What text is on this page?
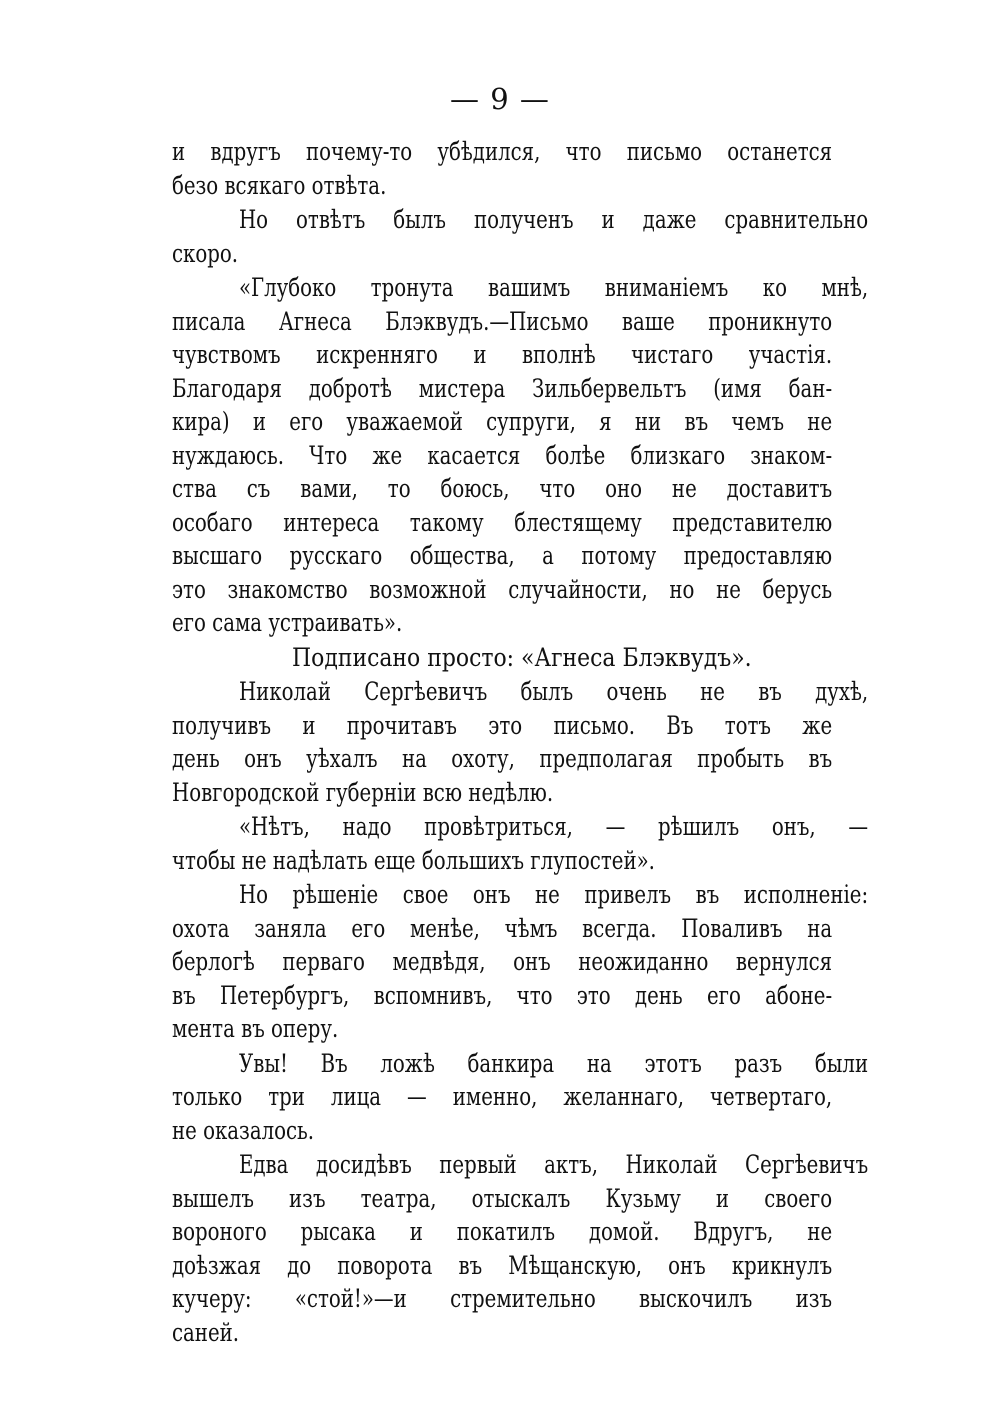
— 9 —
и вдругъ почему-то убѣдился, что письмо останется
безо всякаго отвѣта.
Но отвѣтъ былъ полученъ и даже сравнительно
скоро.
«Глубоко тронута вашимъ вниманіемъ ко мнѣ,
писала Агнеса Блэквудъ.—Письмо ваше проникнуто
чувствомъ искренняго и вполнѣ чистаго участія.
Благодаря добротѣ мистера Зильбервельтъ (имя бан-
кира) и его уважаемой супруги, я ни въ чемъ не
нуждаюсь. Что же касается болѣе близкаго знаком-
ства съ вами, то боюсь, что оно не доставитъ
особаго интереса такому блестящему представителю
высшаго русскаго общества, а потому предоставляю
это знакомство возможной случайности, но не берусь
его сама устраивать».
Подписано просто: «Агнеса Блэквудъ».
Николай Сергѣевичъ былъ очень не въ духѣ,
получивъ и прочитавъ это письмо. Въ тотъ же
день онъ уѣхалъ на охоту, предполагая пробыть въ
Новгородской губерніи всю недѣлю.
«Нѣтъ, надо провѣтриться, — рѣшилъ онъ, —
чтобы не надѣлать еще большихъ глупостей».
Но рѣшеніе свое онъ не привелъ въ исполненіе:
охота заняла его менѣе, чѣмъ всегда. Поваливъ на
берлогѣ перваго медвѣдя, онъ неожиданно вернулся
въ Петербургъ, вспомнивъ, что это день его абоне-
мента въ оперу.
Увы! Въ ложѣ банкира на этотъ разъ были
только три лица — именно, желаннаго, четвертаго,
не оказалось.
Едва досидѣвъ первый актъ, Николай Сергѣевичъ
вышелъ изъ театра, отыскалъ Кузьму и своего
вороного рысака и покатилъ домой. Вдругъ, не
доѣзжая до поворота въ Мѣщанскую, онъ крикнулъ
кучеру: «стой!»—и стремительно выскочилъ изъ
саней.
